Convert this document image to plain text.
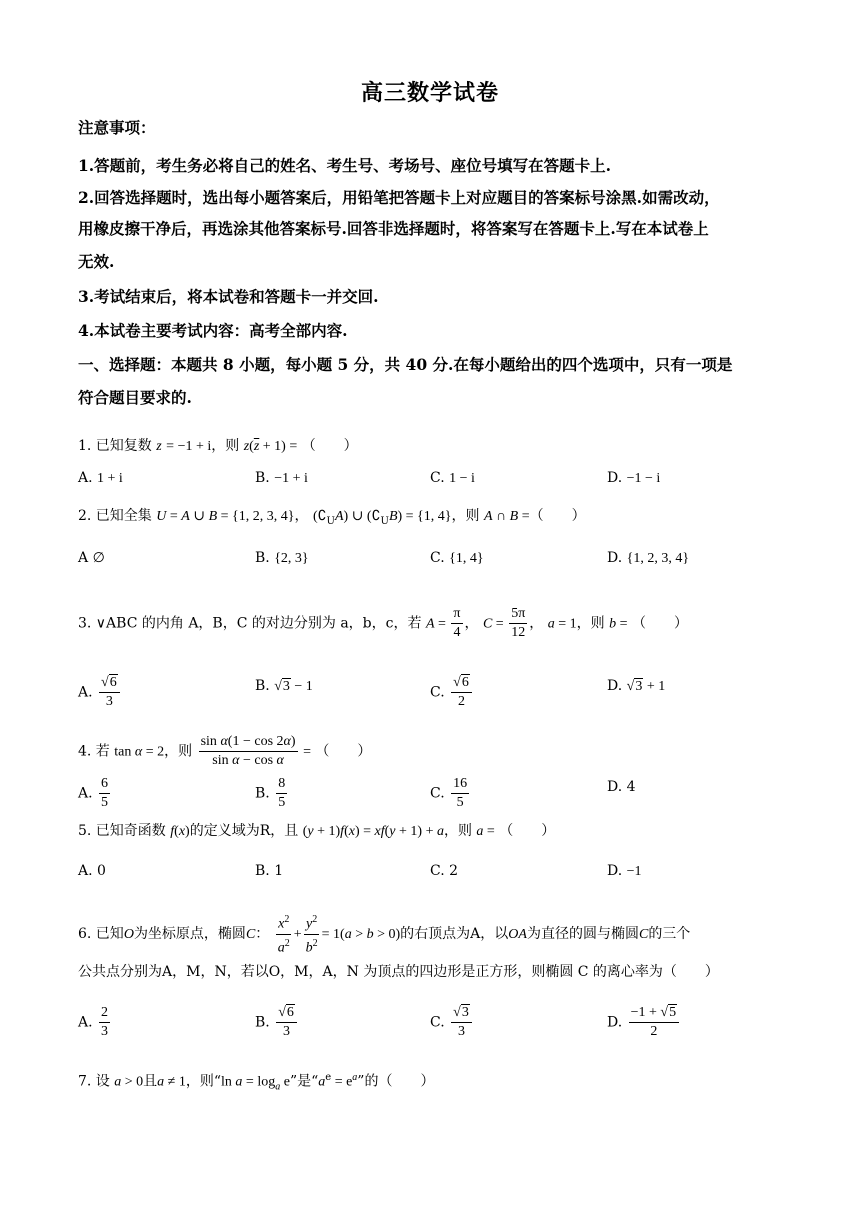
高三数学试卷
注意事项：
1.答题前，考生务必将自己的姓名、考生号、考场号、座位号填写在答题卡上.
2.回答选择题时，选出每小题答案后，用铅笔把答题卡上对应题目的答案标号涂黑.如需改动，
用橡皮擦干净后，再选涂其他答案标号.回答非选择题时，将答案写在答题卡上.写在本试卷上
无效.
3.考试结束后，将本试卷和答题卡一并交回.
4.本试卷主要考试内容：高考全部内容.
一、选择题：本题共 8 小题，每小题 5 分，共 40 分.在每小题给出的四个选项中，只有一项是
符合题目要求的.
1. 已知复数 z = −1 + i，则 $z(\overline{z} + 1)$ = （　　）
A. 1 + i	B. −1 + i	C. 1 − i	D. −1 − i
2. 已知全集 U = A ∪ B = {1, 2, 3, 4}， $(∁_UA)$ ∪ $(∁_UB) = \{1$, 4}，则 A ∩ B =（　　）
A ∅	B. {2, 3}	C. {1, 4}	D. {1, 2, 3, 4}
3. ∨ABC 的内角 A，B，C 的对边分别为 a，b，c，若 $A = \frac{\pi}{4}$ ， $C = \frac{5\pi}{12}$ ， a = 1，则 b = （　　）
A. $\frac{√6}{3}$	B. √3 − 1	C. $\frac{√6}{2}$	D. √3 + 1
4. 若 tan α = 2，则 $\frac{\text{sin α(1 − cos 2α)}}{\text{sin α − cos α}}$ = （　　）
A. $\frac{6}{5}$	B. $\frac{8}{5}$	C. $\frac{16}{5}$	D. 4
5. 已知奇函数 f(x)的定义域为R，且 (y + 1)f(x) = xf(y + 1) + a，则 a = （　　）
A. 0	B. 1	C. 2	D. −1
6. 已知O为坐标原点，椭圆C： $\frac{x^2}{a^2} + \frac{y^2}{b^2} = 1(a > b > 0)$的右顶点为A，以OA为直径的圆与椭圆C的三个
公共点分别为A，M，N，若以O，M，A，N 为顶点的四边形是正方形，则椭圆 C 的离心率为（　　）
A. $\frac{2}{3}$	B. $\frac{√6}{3}$	C. $\frac{√3}{3}$	D. $\frac{-1 + √5}{2}$
7. 设 a > 0且a ≠ 1，则“ln $a = \log_a e$”是“$a^e = e^a$”的（　　）
